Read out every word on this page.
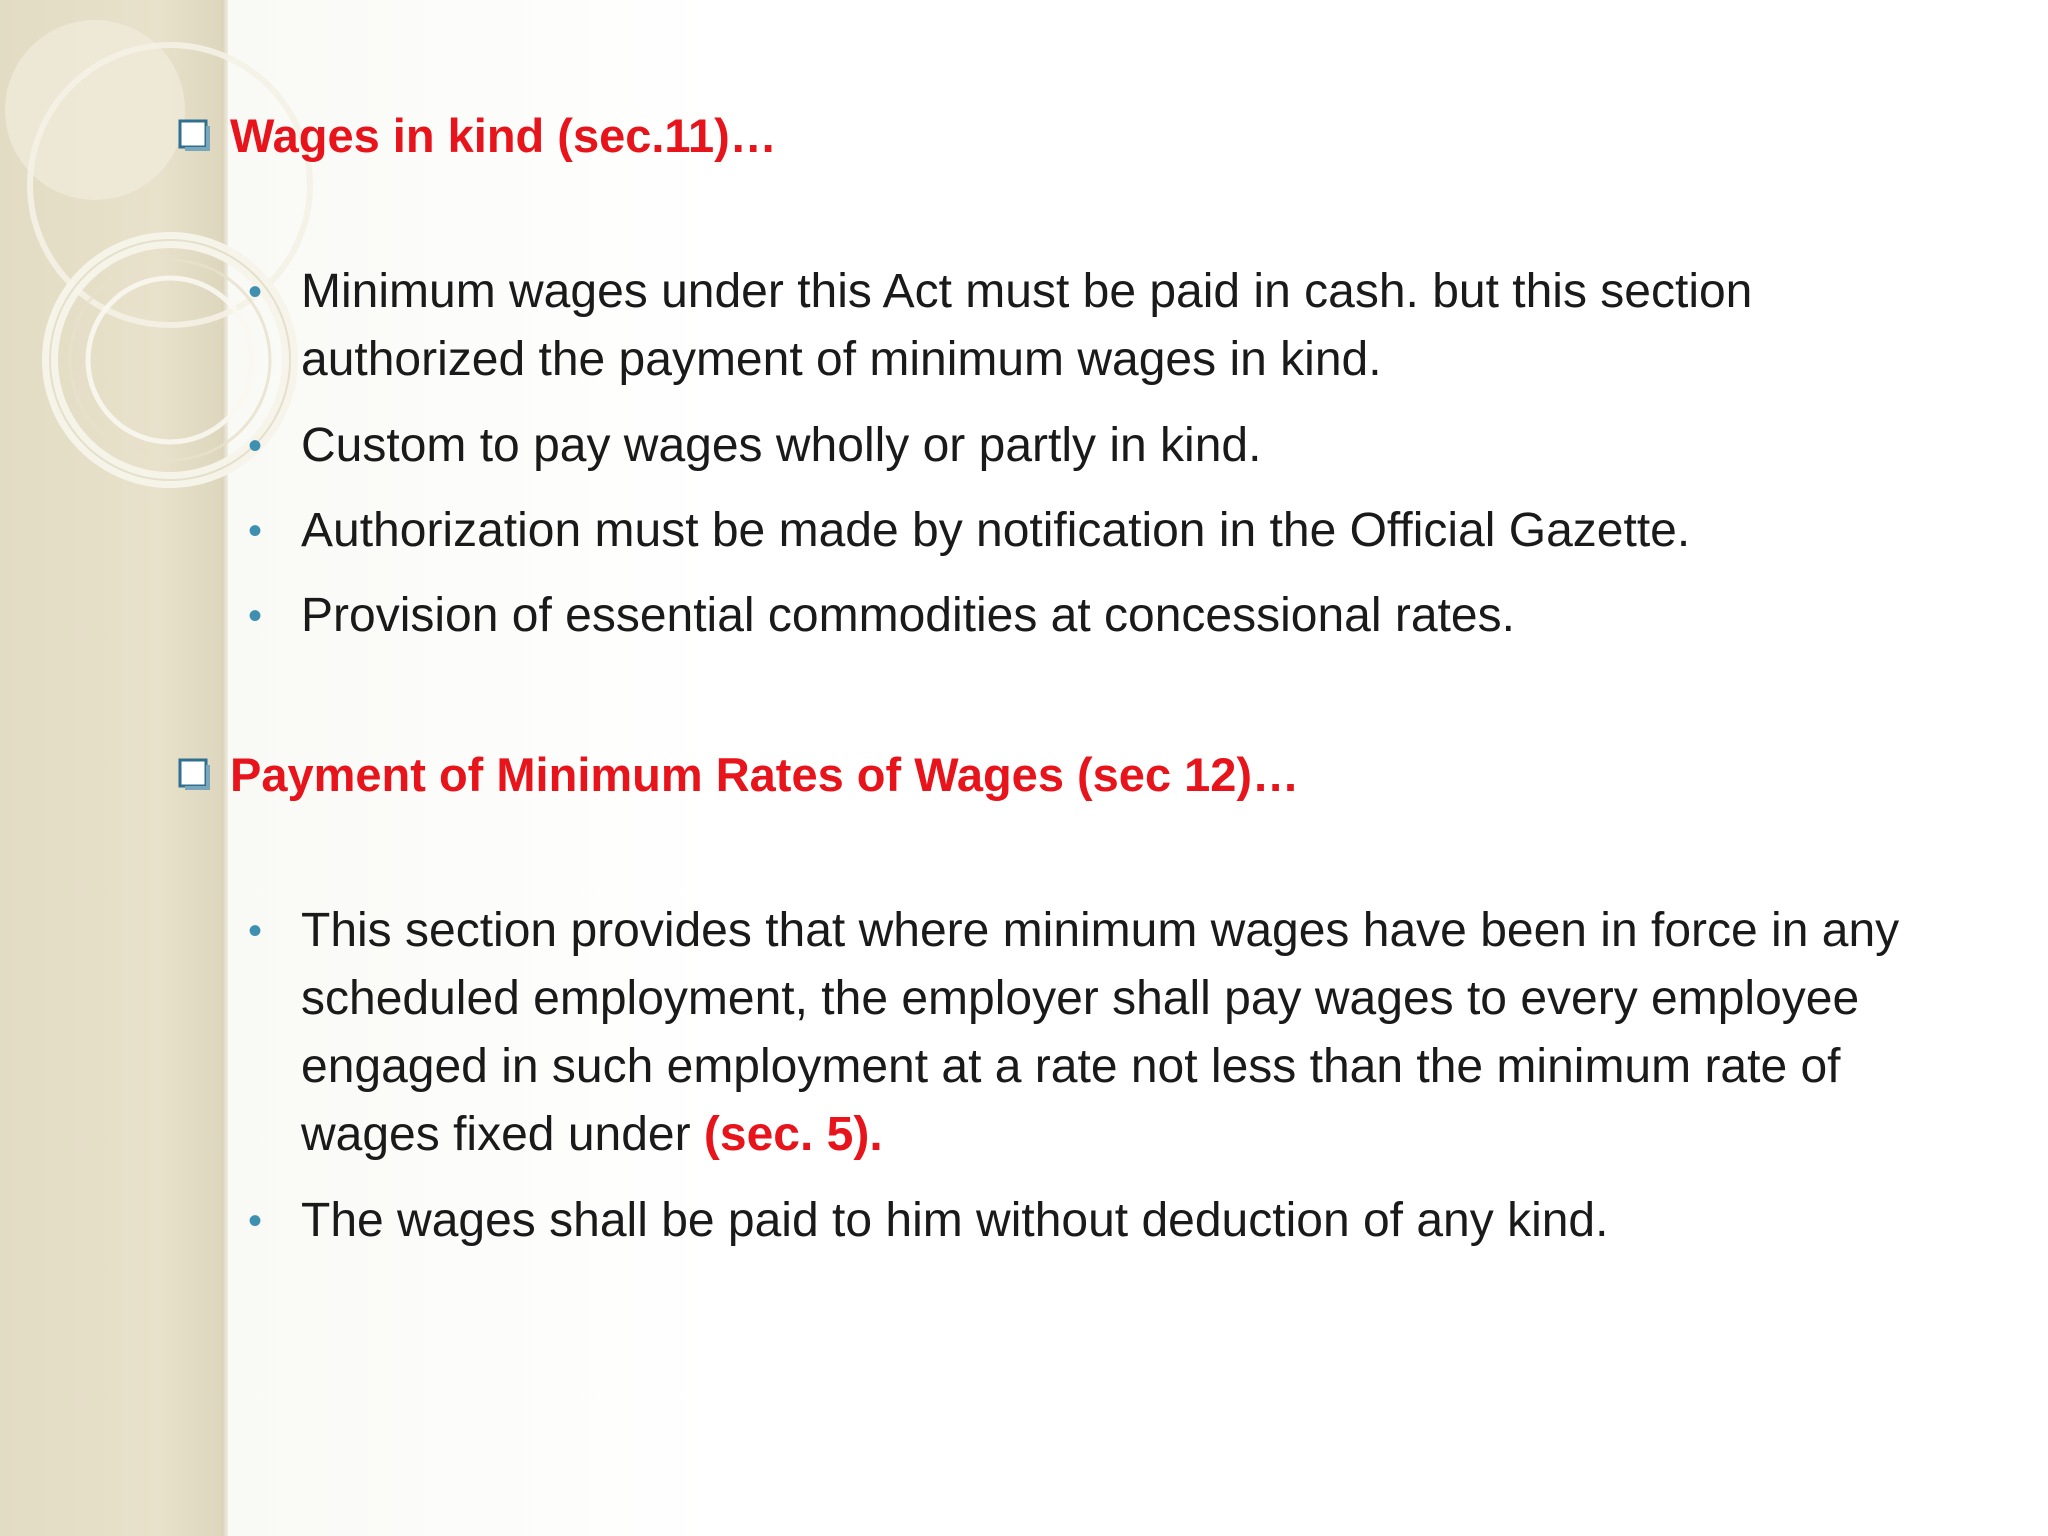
Wages in kind (sec.11)…
• Minimum wages under this Act must be paid in cash. but this section authorized the payment of minimum wages in kind.
• Custom to pay wages wholly or partly in kind.
• Authorization must be made by notification in the Official Gazette.
• Provision of essential commodities at concessional rates.
Payment of Minimum Rates of Wages (sec 12)…
• This section provides that where minimum wages have been in force in any scheduled employment, the employer shall pay wages to every employee engaged in such employment at a rate not less than the minimum rate of wages fixed under (sec. 5).
• The wages shall be paid to him without deduction of any kind.
